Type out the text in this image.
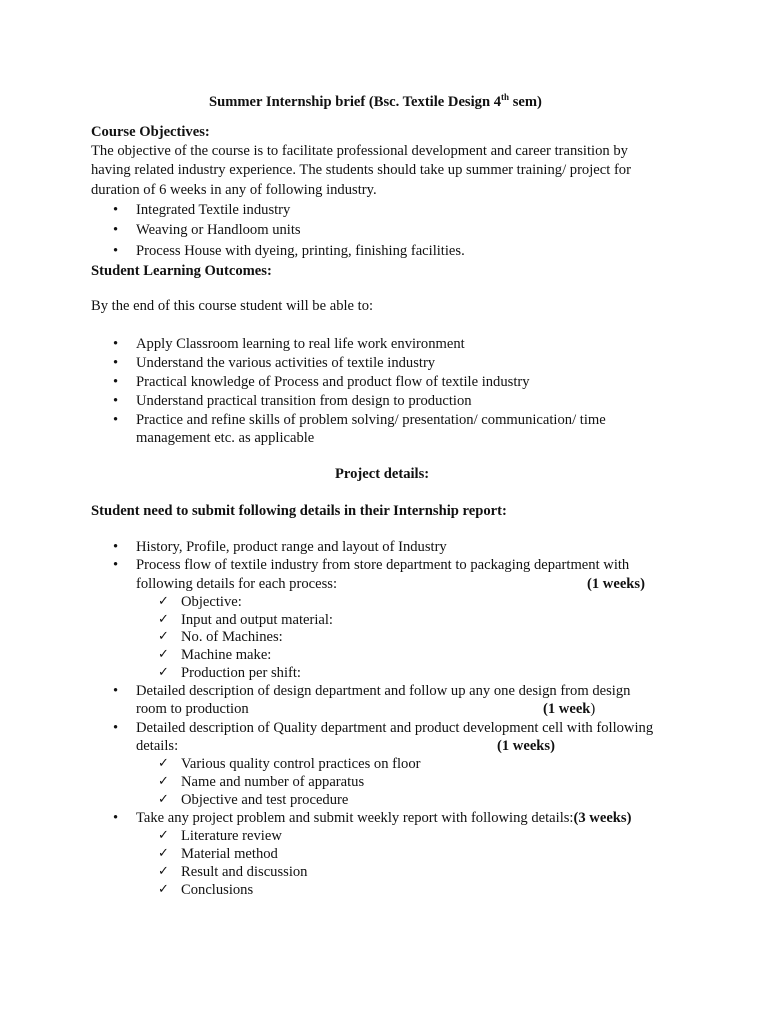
Summer Internship brief (Bsc. Textile Design 4th sem)
Course Objectives:
The objective of the course is to facilitate professional development and career transition by
having related industry experience. The students should take up summer training/ project for
duration of 6 weeks in any of following industry.
•
Integrated Textile industry
•
Weaving or Handloom units
•
Process House with dyeing, printing, finishing facilities.
Student Learning Outcomes:
By the end of this course student will be able to:
•
Apply Classroom learning to real life work environment
•
Understand the various activities of textile industry
•
Practical knowledge of Process and product flow of textile industry
•
Understand practical transition from design to production
•
Practice and refine skills of problem solving/ presentation/ communication/ time
management etc. as applicable
Project details:
Student need to submit following details in their Internship report:
•
History, Profile, product range and layout of Industry
•
Process flow of textile industry from store department to packaging department with
following details for each process:	(1 weeks)
✓
Objective:
✓
Input and output material:
✓
No. of Machines:
✓
Machine make:
✓
Production per shift:
•
Detailed description of design department and follow up any one design from design
room to production	(1 week)
•
Detailed description of Quality department and product development cell with following
details:	(1 weeks)
✓
Various quality control practices on floor
✓
Name and number of apparatus
✓
Objective and test procedure
•
Take any project problem and submit weekly report with following details:(3 weeks)
✓
Literature review
✓
Material method
✓
Result and discussion
✓
Conclusions
